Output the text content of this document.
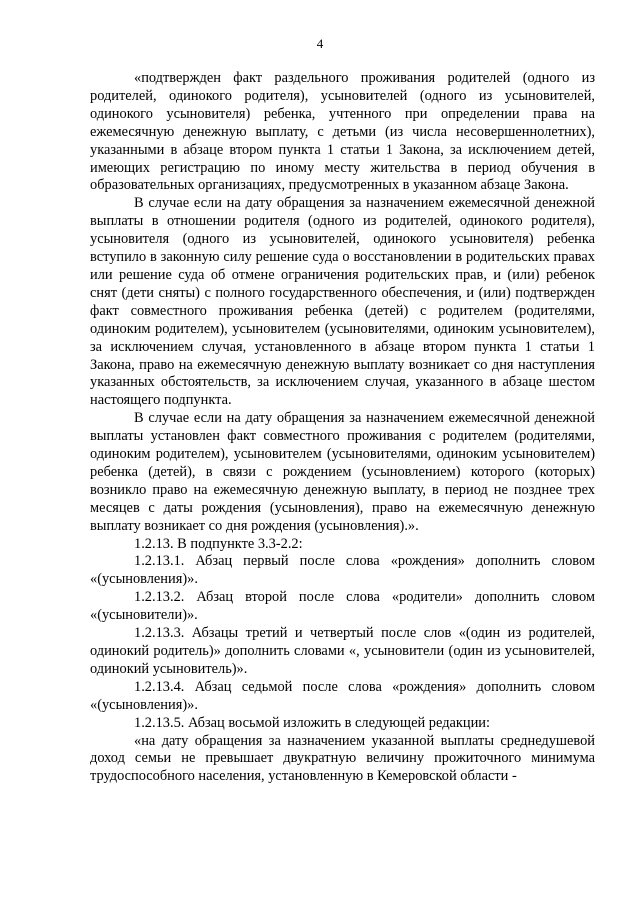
4

«подтвержден факт раздельного проживания родителей (одного из родителей, одинокого родителя), усыновителей (одного из усыновителей, одинокого усыновителя) ребенка, учтенного при определении права на ежемесячную денежную выплату, с детьми (из числа несовершеннолетних), указанными в абзаце втором пункта 1 статьи 1 Закона, за исключением детей, имеющих регистрацию по иному месту жительства в период обучения в образовательных организациях, предусмотренных в указанном абзаце Закона.

В случае если на дату обращения за назначением ежемесячной денежной выплаты в отношении родителя (одного из родителей, одинокого родителя), усыновителя (одного из усыновителей, одинокого усыновителя) ребенка вступило в законную силу решение суда о восстановлении в родительских правах или решение суда об отмене ограничения родительских прав, и (или) ребенок снят (дети сняты) с полного государственного обеспечения, и (или) подтвержден факт совместного проживания ребенка (детей) с родителем (родителями, одиноким родителем), усыновителем (усыновителями, одиноким усыновителем), за исключением случая, установленного в абзаце втором пункта 1 статьи 1 Закона, право на ежемесячную денежную выплату возникает со дня наступления указанных обстоятельств, за исключением случая, указанного в абзаце шестом настоящего подпункта.

В случае если на дату обращения за назначением ежемесячной денежной выплаты установлен факт совместного проживания с родителем (родителями, одиноким родителем), усыновителем (усыновителями, одиноким усыновителем) ребенка (детей), в связи с рождением (усыновлением) которого (которых) возникло право на ежемесячную денежную выплату, в период не позднее трех месяцев с даты рождения (усыновления), право на ежемесячную денежную выплату возникает со дня рождения (усыновления).».

1.2.13. В подпункте 3.3-2.2:

1.2.13.1. Абзац первый после слова «рождения» дополнить словом «(усыновления)».

1.2.13.2. Абзац второй после слова «родители» дополнить словом «(усыновители)».

1.2.13.3. Абзацы третий и четвертый после слов «(один из родителей, одинокий родитель)» дополнить словами «, усыновители (один из усыновителей, одинокий усыновитель)».

1.2.13.4. Абзац седьмой после слова «рождения» дополнить словом «(усыновления)».

1.2.13.5. Абзац восьмой изложить в следующей редакции:

«на дату обращения за назначением указанной выплаты среднедушевой доход семьи не превышает двукратную величину прожиточного минимума трудоспособного населения, установленную в Кемеровской области -
